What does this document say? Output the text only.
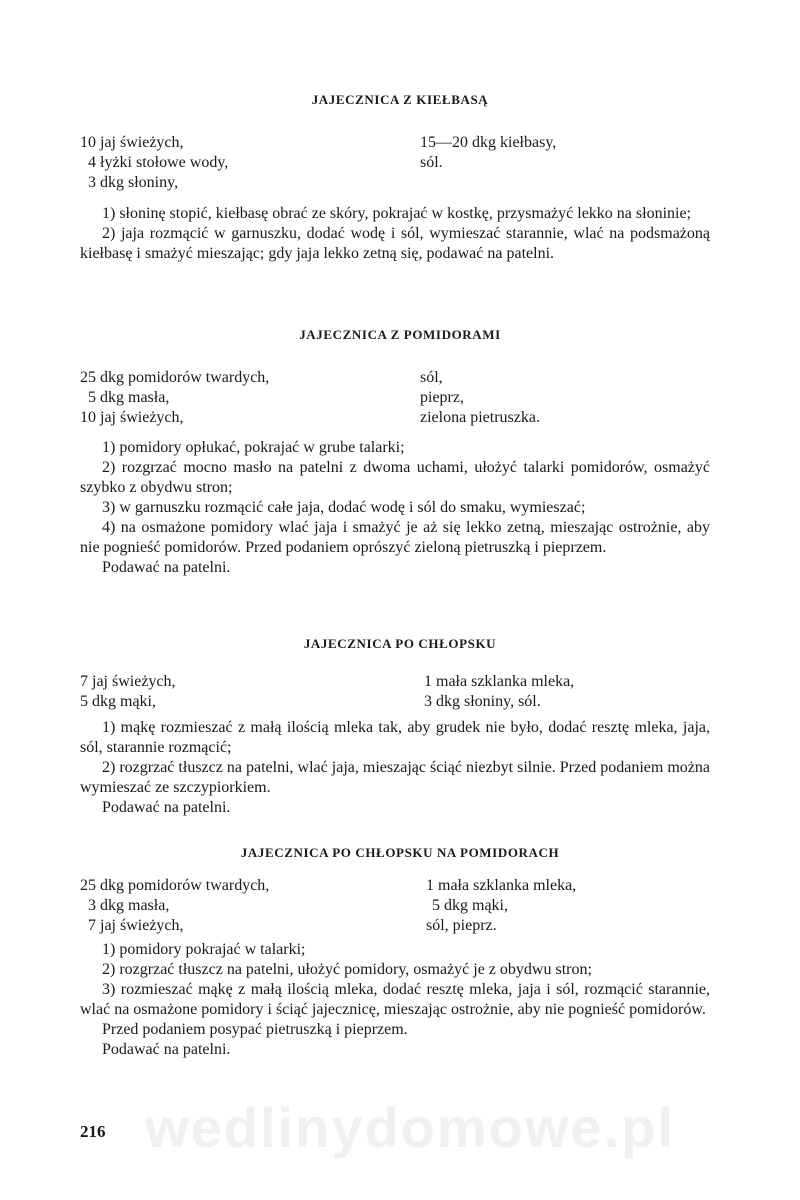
JAJECZNICA Z KIEŁBASĄ
10 jaj świeżych,
4 łyżki stołowe wody,
3 dkg słoniny,
15—20 dkg kiełbasy,
sól.

1) słoninę stopić, kiełbasę obrać ze skóry, pokrajać w kostkę, przysmażyć lekko na słoninie;

2) jaja rozmącić w garnuszku, dodać wodę i sól, wymieszać starannie, wlać na podsmażoną kiełbasę i smażyć mieszając; gdy jaja lekko zetną się, podawać na patelni.

JAJECZNICA Z POMIDORAMI
25 dkg pomidorów twardych,
5 dkg masła,
10 jaj świeżych,
sól,
pieprz,
zielona pietruszka.

1) pomidory opłukać, pokrajać w grube talarki;

2) rozgrzać mocno masło na patelni z dwoma uchami, ułożyć talarki pomidorów, osmażyć szybko z obydwu stron;

3) w garnuszku rozmącić całe jaja, dodać wodę i sól do smaku, wymieszać;

4) na osmażone pomidory wlać jaja i smażyć je aż się lekko zetną, mieszając ostrożnie, aby nie pognieść pomidorów. Przed podaniem oprószyć zieloną pietruszką i pieprzem.

Podawać na patelni.

JAJECZNICA PO CHŁOPSKU
7 jaj świeżych,
5 dkg mąki,
1 mała szklanka mleka,
3 dkg słoniny, sól.

1) mąkę rozmieszać z małą ilością mleka tak, aby grudek nie było, dodać resztę mleka, jaja, sól, starannie rozmącić;

2) rozgrzać tłuszcz na patelni, wlać jaja, mieszając ściąć niezbyt silnie. Przed podaniem można wymieszać ze szczypiorkiem.

Podawać na patelni.

JAJECZNICA PO CHŁOPSKU NA POMIDORACH
25 dkg pomidorów twardych,
3 dkg masła,
7 jaj świeżych,
1 mała szklanka mleka,
5 dkg mąki,
sól, pieprz.

1) pomidory pokrajać w talarki;

2) rozgrzać tłuszcz na patelni, ułożyć pomidory, osmażyć je z obydwu stron;

3) rozmieszać mąkę z małą ilością mleka, dodać resztę mleka, jaja i sól, rozmącić starannie, wlać na osmażone pomidory i ściąć jajecznicę, mieszając ostrożnie, aby nie pognieść pomidorów.

Przed podaniem posypać pietruszką i pieprzem.

Podawać na patelni.

wedlinydomowe.pl

216
